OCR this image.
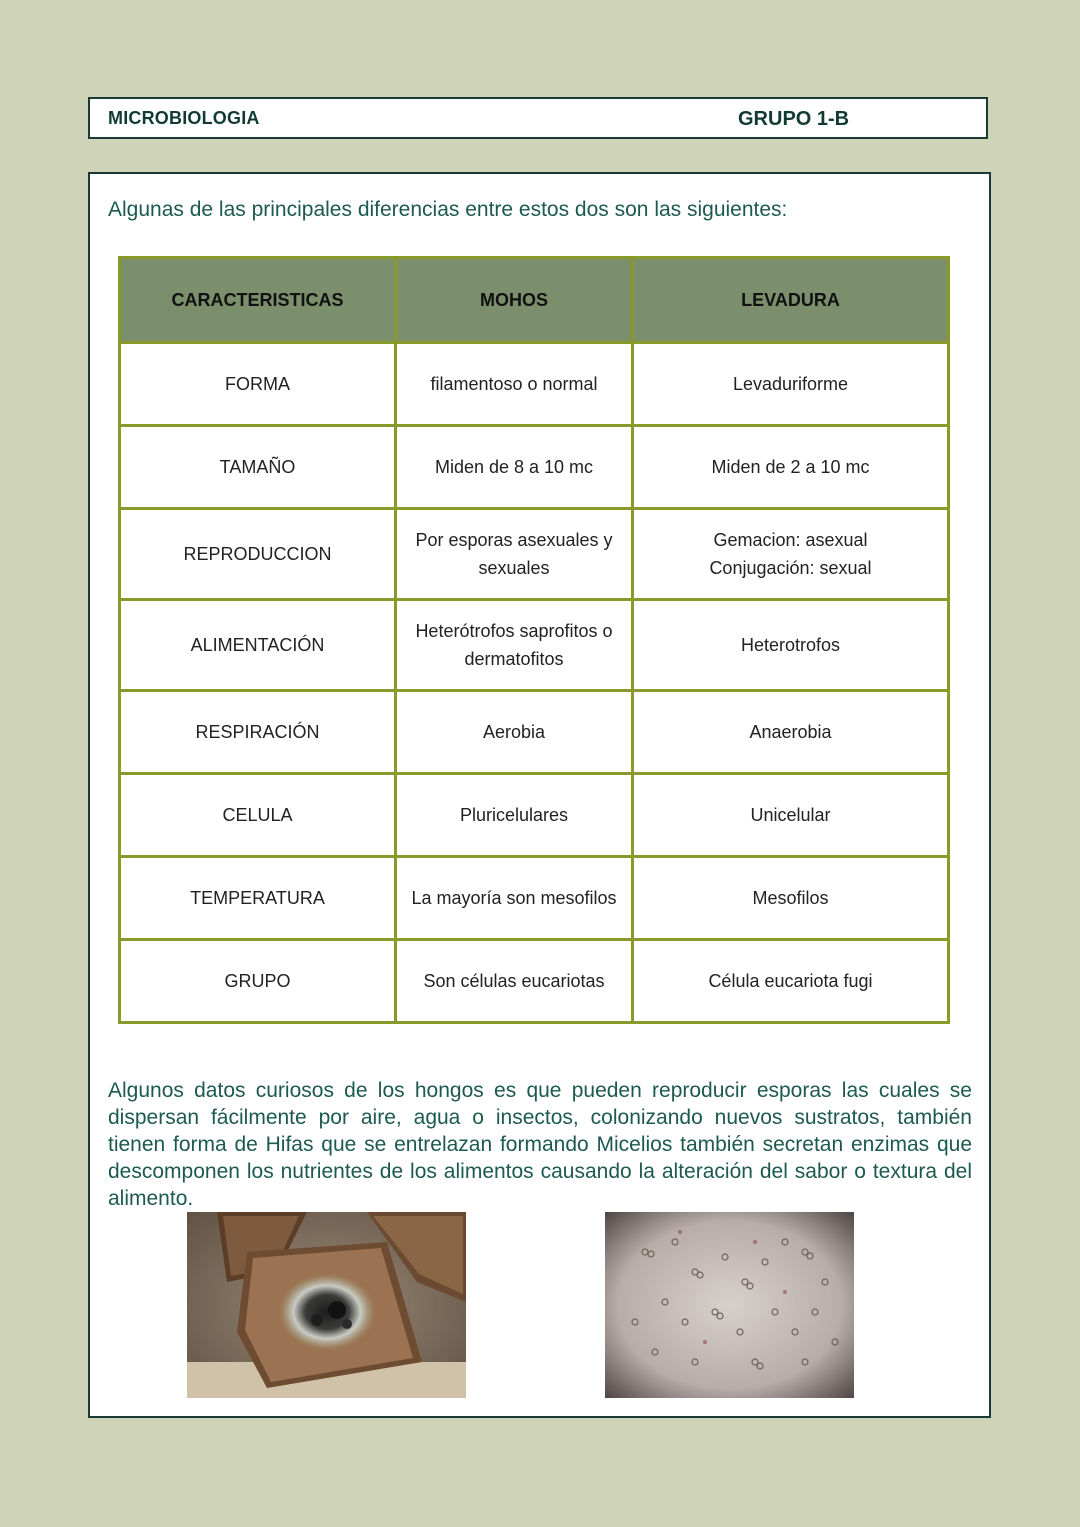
MICROBIOLOGIA	GRUPO 1-B
Algunas de las principales diferencias entre estos dos son las siguientes:
CARACTERISTICAS	MOHOS	LEVADURA
FORMA	filamentoso o normal	Levaduriforme
TAMAÑO	Miden de 8 a 10 mc	Miden de 2 a 10 mc
REPRODUCCION	Por esporas asexuales y sexuales	Gemacion: asexual
Conjugación: sexual
ALIMENTACIÓN	Heterótrofos saprofitos o dermatofitos	Heterotrofos
RESPIRACIÓN	Aerobia	Anaerobia
CELULA	Pluricelulares	Unicelular
TEMPERATURA	La mayoría son mesofilos	Mesofilos
GRUPO	Son células eucariotas	Célula eucariota fugi
Algunos datos curiosos de los hongos es que pueden reproducir esporas las cuales se dispersan fácilmente por aire, agua o insectos, colonizando nuevos sustratos, también tienen forma de Hifas que se entrelazan formando Micelios también secretan enzimas que descomponen los nutrientes de los alimentos causando la alteración del sabor o textura del alimento.
